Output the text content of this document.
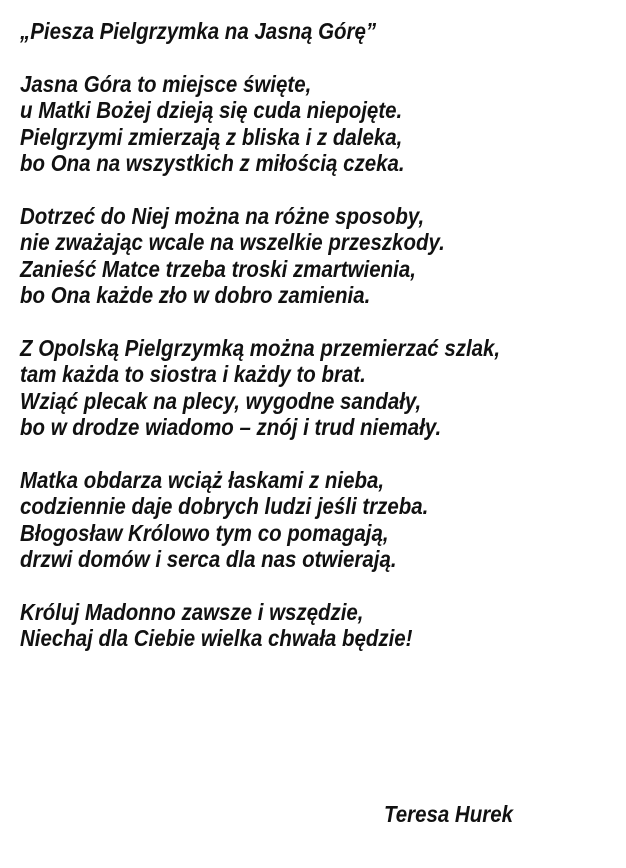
„Piesza Pielgrzymka na Jasną Górę”
Jasna Góra to miejsce święte,
u Matki Bożej dzieją się cuda niepojęte.
Pielgrzymi zmierzają z bliska i z daleka,
bo Ona na wszystkich z miłością czeka.
Dotrzeć do Niej można na różne sposoby,
nie zważając wcale na wszelkie przeszkody.
Zanieść Matce trzeba troski zmartwienia,
bo Ona każde zło w dobro zamienia.
Z Opolską Pielgrzymką można przemierzać szlak,
tam każda to siostra i każdy to brat.
Wziąć plecak na plecy, wygodne sandały,
bo w drodze wiadomo – znój i trud niemały.
Matka obdarza wciąż łaskami z nieba,
codziennie daje dobrych ludzi jeśli trzeba.
Błogosław Królowo tym co pomagają,
drzwi domów i serca dla nas otwierają.
Króluj Madonno zawsze i wszędzie,
Niechaj dla Ciebie wielka chwała będzie!
Teresa Hurek
